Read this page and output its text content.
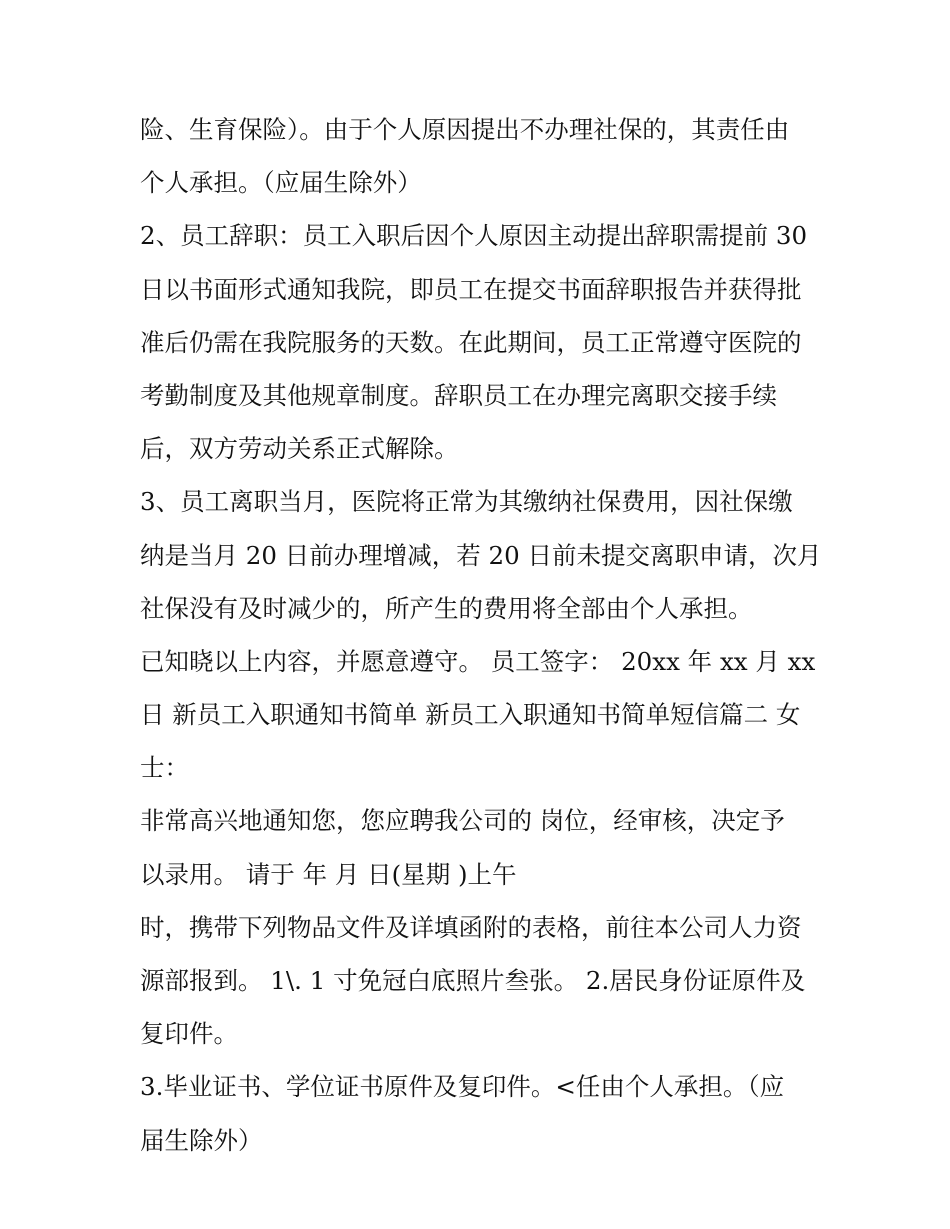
险、生育保险）。由于个人原因提出不办理社保的，其责任由
个人承担。（应届生除外）
2、员工辞职：员工入职后因个人原因主动提出辞职需提前 30
日以书面形式通知我院，即员工在提交书面辞职报告并获得批
准后仍需在我院服务的天数。在此期间，员工正常遵守医院的
考勤制度及其他规章制度。辞职员工在办理完离职交接手续
后，双方劳动关系正式解除。
3、员工离职当月，医院将正常为其缴纳社保费用，因社保缴
纳是当月 20 日前办理增减，若 20 日前未提交离职申请，次月
社保没有及时减少的，所产生的费用将全部由个人承担。
已知晓以上内容，并愿意遵守。 员工签字： 20xx 年 xx 月 xx
日 新员工入职通知书简单 新员工入职通知书简单短信篇二 女
士：
非常高兴地通知您，您应聘我公司的 岗位，经审核，决定予
以录用。 请于 年 月 日(星期 )上午
时，携带下列物品文件及详填函附的表格，前往本公司人力资
源部报到。 1\. 1 寸免冠白底照片叁张。 2.居民身份证原件及
复印件。
3.毕业证书、学位证书原件及复印件。<任由个人承担。（应
届生除外）
